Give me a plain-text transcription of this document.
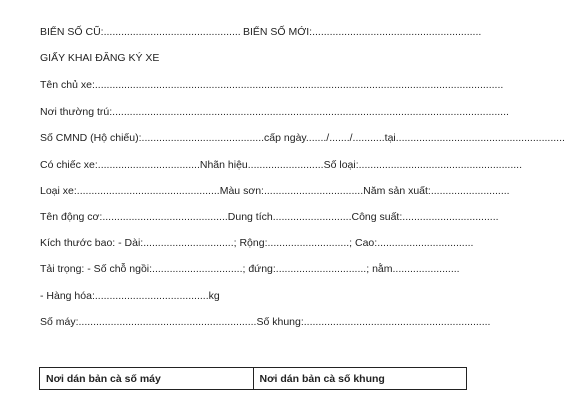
BIỂN SỐ CŨ:............................................... BIỂN SỐ MỚI:..........................................................
GIẤY KHAI ĐĂNG KÝ XE
Tên chủ xe:............................................................................................................................................
Nơi thường trú:........................................................................................................................................
Số CMND (Hộ chiếu):..........................................cấp ngày......./......./...........tại..........................................................
Có chiếc xe:...................................Nhãn hiệu..........................Số loại:........................................................
Loại xe:.................................................Màu sơn:..................................Năm sản xuất:...........................
Tên động cơ:...........................................Dung tích...........................Công suất:.................................
Kích thước bao: - Dài:...............................; Rộng:............................; Cao:.................................
Tải trọng: - Số chỗ ngồi:...............................; đứng:...............................; nằm.......................
- Hàng hóa:.......................................kg
Số máy:.............................................................Số khung:................................................................
Nơi dán bản cà số máy	Nơi dán bản cà số khung
